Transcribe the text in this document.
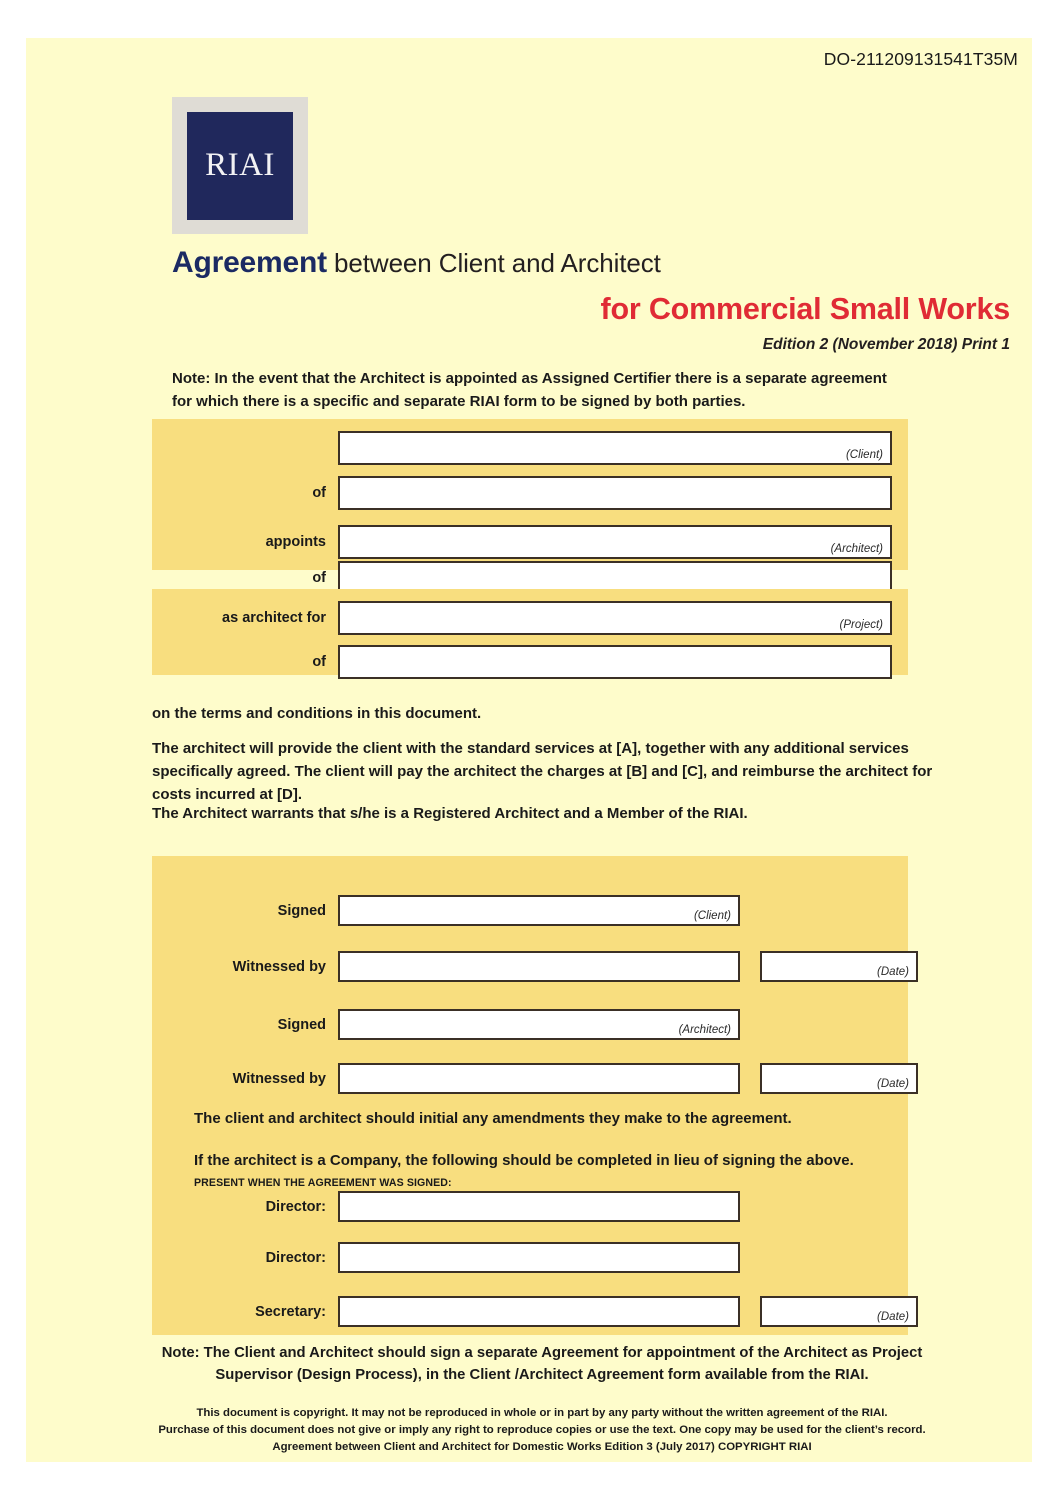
DO-211209131541T35M
RIAI
Agreement between Client and Architect
for Commercial Small Works
Edition 2 (November 2018) Print 1
Note: In the event that the Architect is appointed as Assigned Certifier there is a separate agreement for which there is a specific and separate RIAI form to be signed by both parties.
(Client)
of
appoints	(Architect)
of
as architect for	(Project)
of
on the terms and conditions in this document.
The architect will provide the client with the standard services at [A], together with any additional services specifically agreed. The client will pay the architect the charges at [B] and [C], and reimburse the architect for costs incurred at [D].
The Architect warrants that s/he is a Registered Architect and a Member of the RIAI.
Signed	(Client)
Witnessed by	(Date)
Signed	(Architect)
Witnessed by	(Date)
The client and architect should initial any amendments they make to the agreement.
If the architect is a Company, the following should be completed in lieu of signing the above.
PRESENT WHEN THE AGREEMENT WAS SIGNED:
Director:
Director:
Secretary:	(Date)
Note: The Client and Architect should sign a separate Agreement for appointment of the Architect as Project Supervisor (Design Process), in the Client /Architect Agreement form available from the RIAI.
This document is copyright. It may not be reproduced in whole or in part by any party without the written agreement of the RIAI.
Purchase of this document does not give or imply any right to reproduce copies or use the text. One copy may be used for the client’s record.
Agreement between Client and Architect for Domestic Works Edition 3 (July 2017) COPYRIGHT RIAI
